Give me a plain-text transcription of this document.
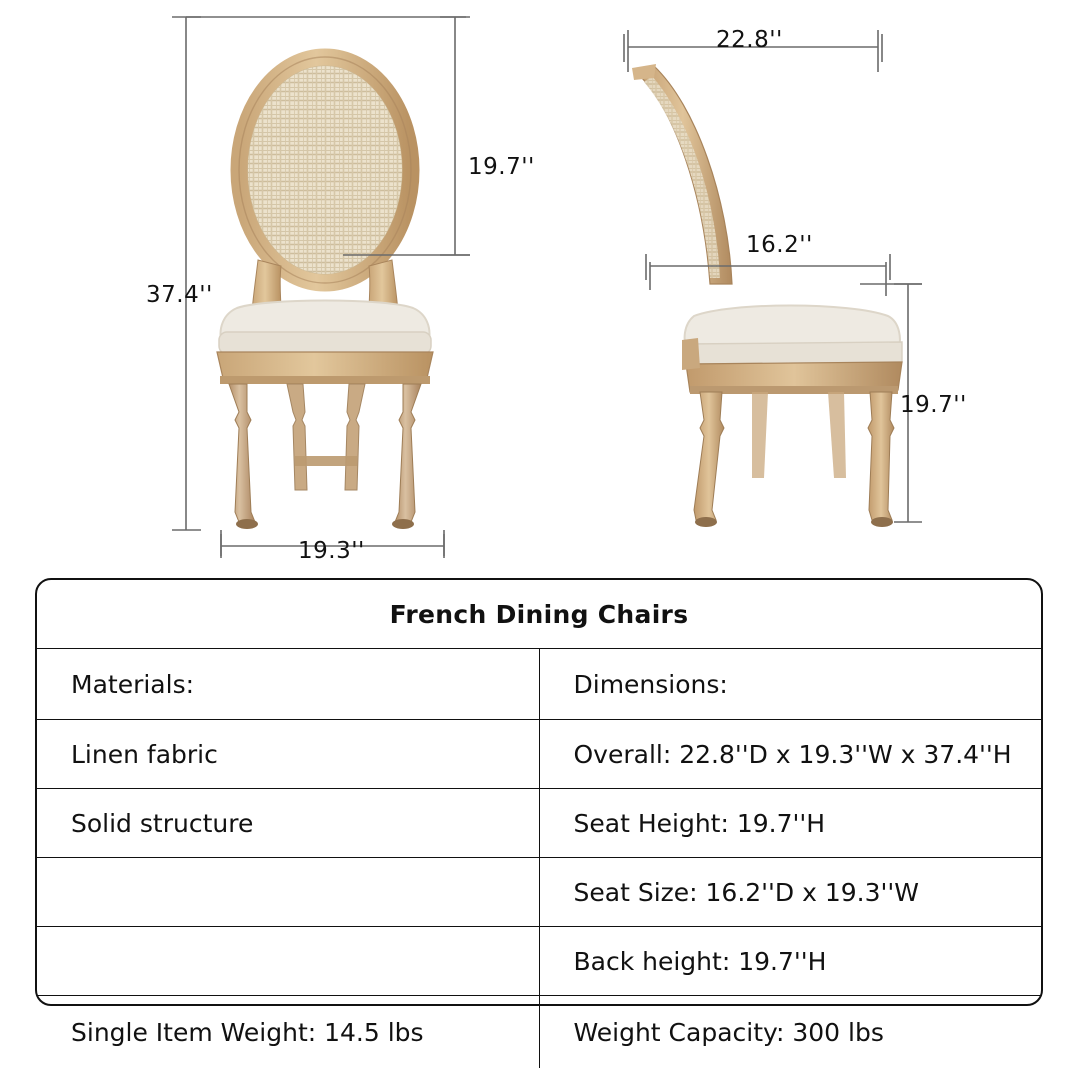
19.7''
37.4''
19.3''
22.8''
16.2''
19.7''
French Dining Chairs	
Materials:	Dimensions:
Linen fabric	Overall: 22.8''D x 19.3''W x 37.4''H
Solid structure	Seat Height: 19.7''H
	Seat Size: 16.2''D x 19.3''W
	Back height: 19.7''H
Single Item Weight: 14.5 lbs	Weight Capacity: 300 lbs
